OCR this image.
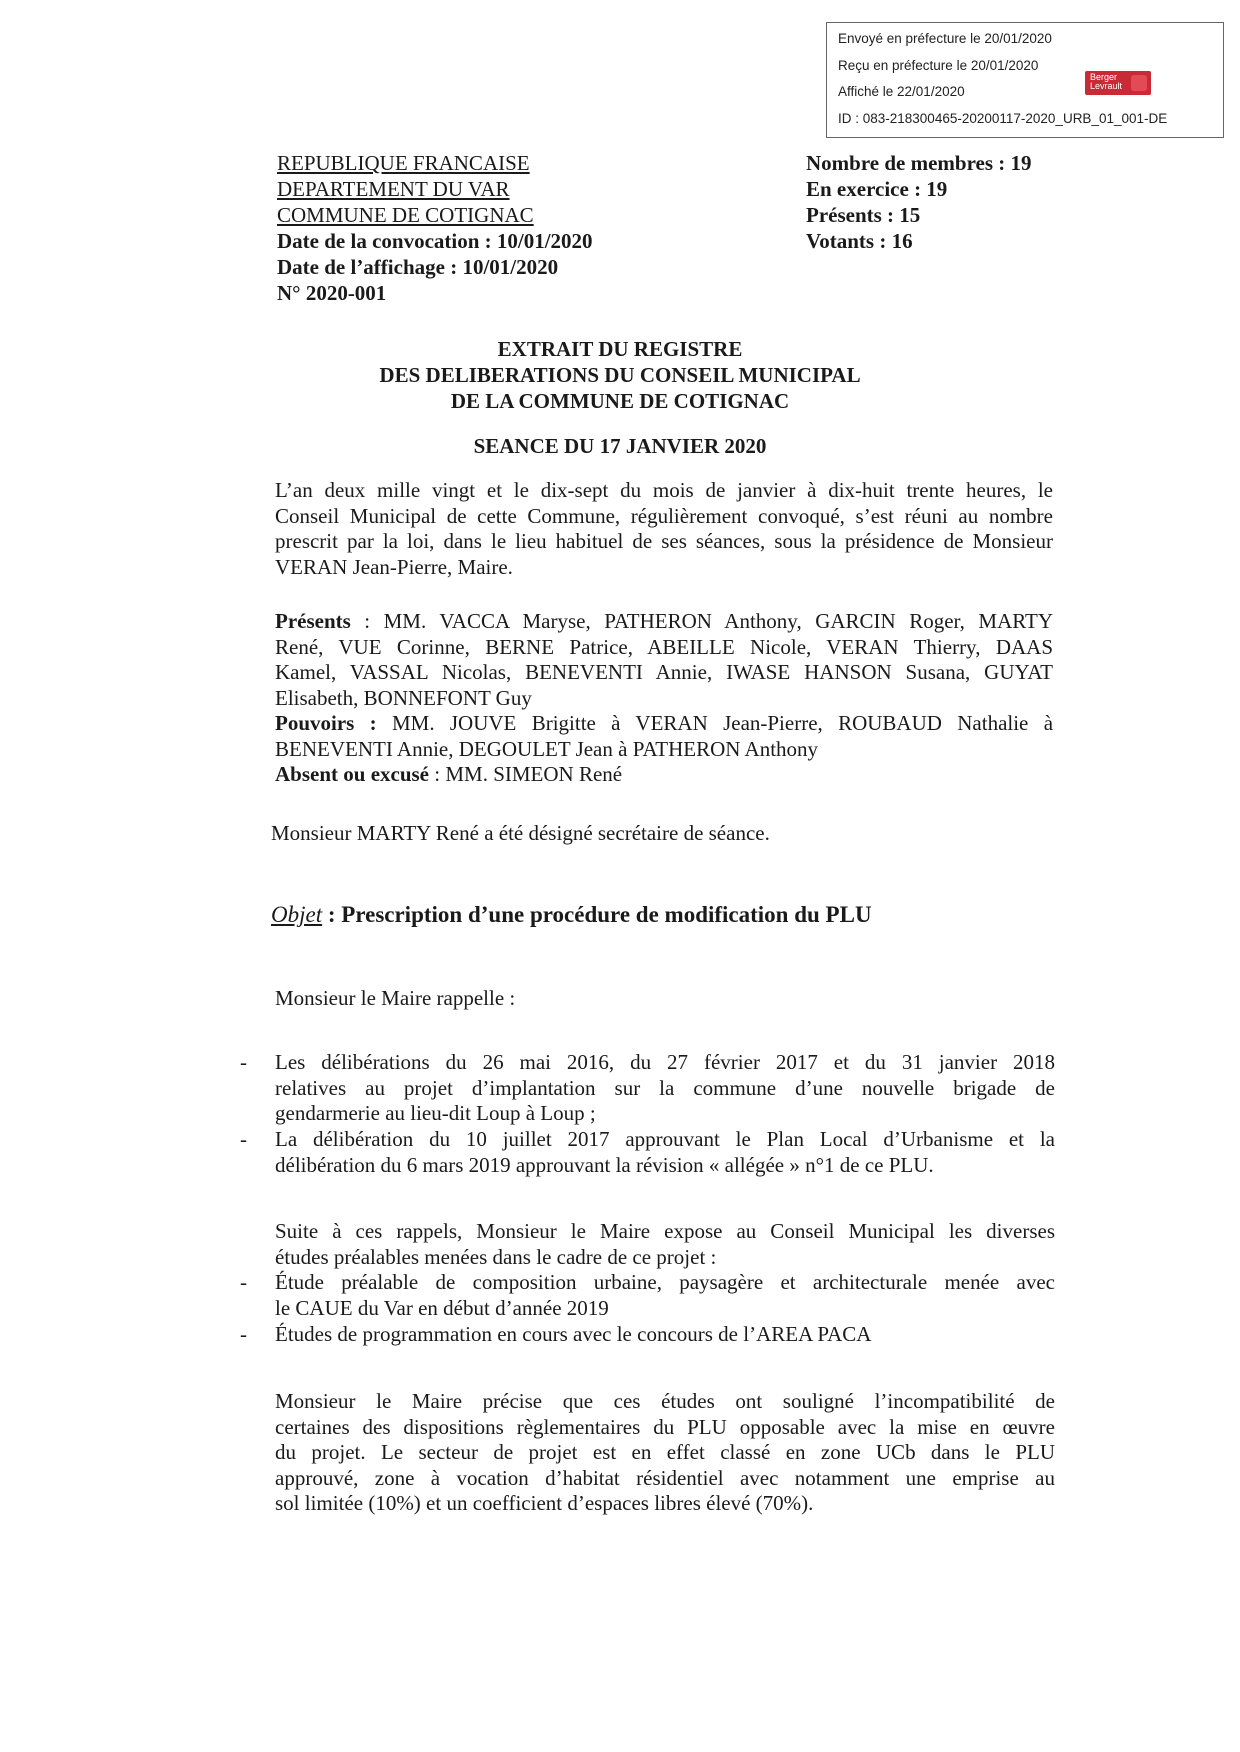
Envoyé en préfecture le 20/01/2020
Reçu en préfecture le 20/01/2020
Affiché le 22/01/2020
ID : 083-218300465-20200117-2020_URB_01_001-DE
Berger
Levrault
REPUBLIQUE FRANCAISE
DEPARTEMENT DU VAR
COMMUNE DE COTIGNAC
Date de la convocation : 10/01/2020
Date de l’affichage : 10/01/2020
N° 2020-001
Nombre de membres : 19
En exercice : 19
Présents : 15
Votants : 16
EXTRAIT DU REGISTRE
DES DELIBERATIONS DU CONSEIL MUNICIPAL
DE LA COMMUNE DE COTIGNAC
SEANCE DU 17 JANVIER 2020
L’an deux mille vingt et le dix-sept du mois de janvier à dix-huit trente heures, le
Conseil Municipal de cette Commune, régulièrement convoqué, s’est réuni au nombre
prescrit par la loi, dans le lieu habituel de ses séances, sous la présidence de Monsieur
VERAN Jean-Pierre, Maire.
Présents : MM. VACCA Maryse, PATHERON Anthony, GARCIN Roger, MARTY
René, VUE Corinne, BERNE Patrice, ABEILLE Nicole, VERAN Thierry, DAAS
Kamel, VASSAL Nicolas, BENEVENTI Annie, IWASE HANSON Susana, GUYAT
Elisabeth, BONNEFONT Guy
Pouvoirs : MM. JOUVE Brigitte à VERAN Jean-Pierre, ROUBAUD Nathalie à
BENEVENTI Annie, DEGOULET Jean à PATHERON Anthony
Absent ou excusé : MM. SIMEON René
Monsieur MARTY René a été désigné secrétaire de séance.
Objet : Prescription d’une procédure de modification du PLU
Monsieur le Maire rappelle :
- Les délibérations du 26 mai 2016, du 27 février 2017 et du 31 janvier 2018
relatives au projet d’implantation sur la commune d’une nouvelle brigade de
gendarmerie au lieu-dit Loup à Loup ;
- La délibération du 10 juillet 2017 approuvant le Plan Local d’Urbanisme et la
délibération du 6 mars 2019 approuvant la révision « allégée » n°1 de ce PLU.
Suite à ces rappels, Monsieur le Maire expose au Conseil Municipal les diverses
études préalables menées dans le cadre de ce projet :
- Étude préalable de composition urbaine, paysagère et architecturale menée avec
le CAUE du Var en début d’année 2019
- Études de programmation en cours avec le concours de l’AREA PACA
Monsieur le Maire précise que ces études ont souligné l’incompatibilité de
certaines des dispositions règlementaires du PLU opposable avec la mise en œuvre
du projet. Le secteur de projet est en effet classé en zone UCb dans le PLU
approuvé, zone à vocation d’habitat résidentiel avec notamment une emprise au
sol limitée (10%) et un coefficient d’espaces libres élevé (70%).
